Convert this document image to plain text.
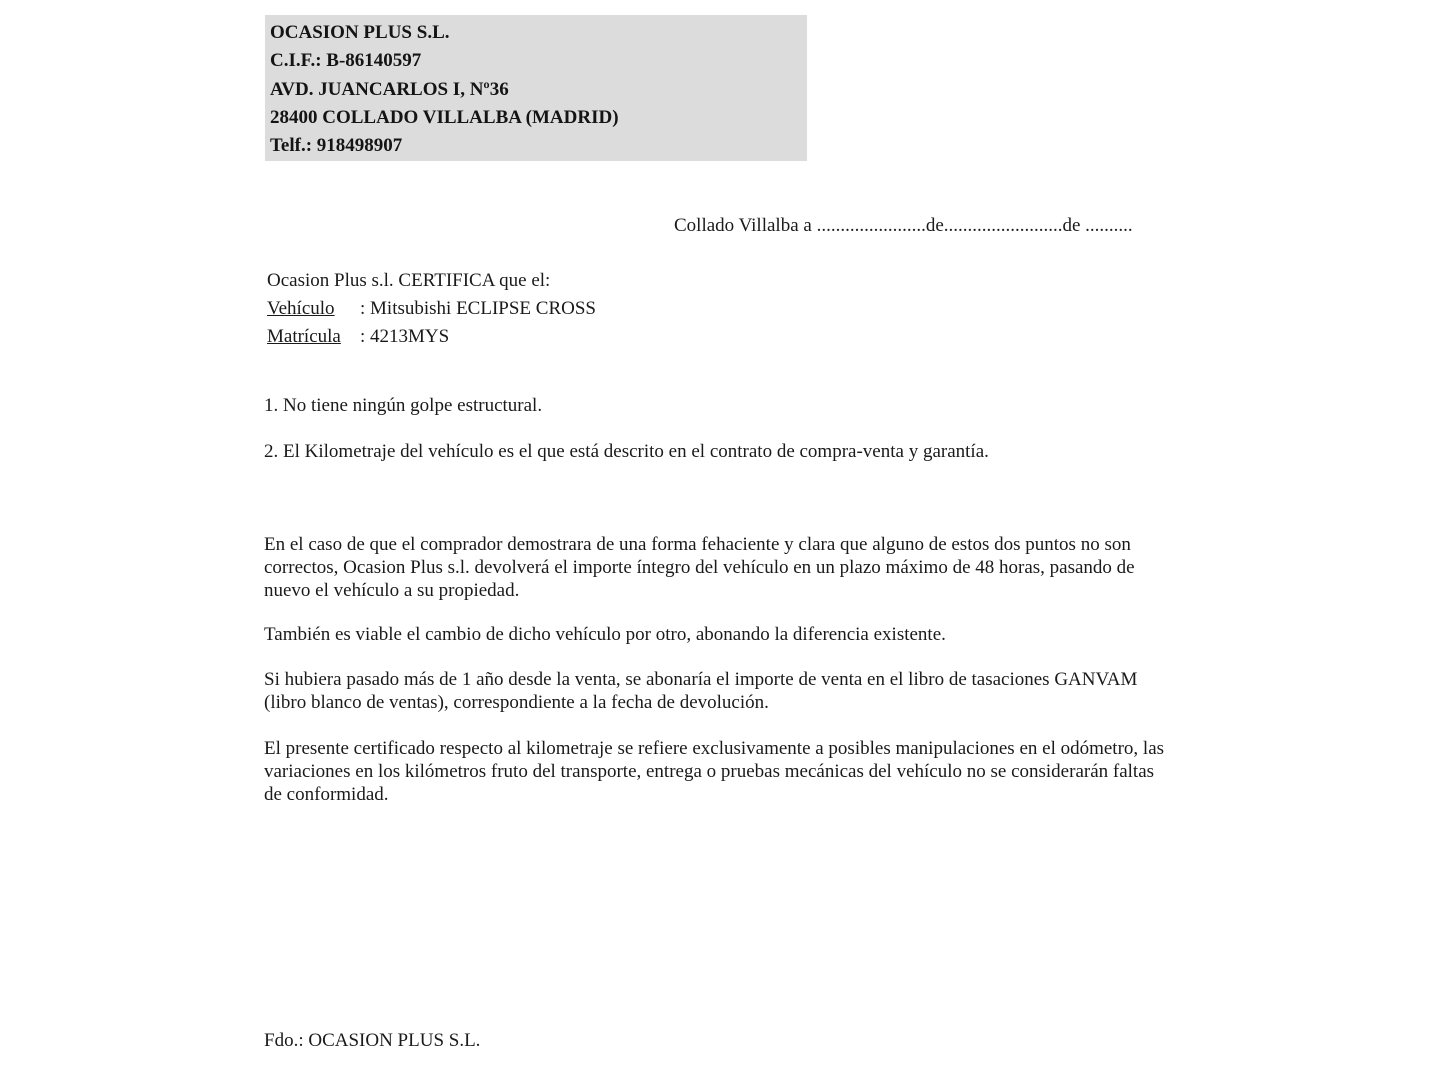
OCASION PLUS S.L.
C.I.F.: B-86140597
AVD. JUANCARLOS I, Nº36
28400 COLLADO VILLALBA (MADRID)
Telf.: 918498907
Collado Villalba a .......................de.........................de ..........
Ocasion Plus s.l. CERTIFICA que el:
Vehículo : Mitsubishi ECLIPSE CROSS
Matrícula : 4213MYS
1. No tiene ningún golpe estructural.
2. El Kilometraje del vehículo es el que está descrito en el contrato de compra-venta y garantía.
En el caso de que el comprador demostrara de una forma fehaciente y clara que alguno de estos dos puntos no son correctos, Ocasion Plus s.l. devolverá el importe íntegro del vehículo en un plazo máximo de 48 horas, pasando de nuevo el vehículo a su propiedad.
También es viable el cambio de dicho vehículo por otro, abonando la diferencia existente.
Si hubiera pasado más de 1 año desde la venta, se abonaría el importe de venta en el libro de tasaciones GANVAM (libro blanco de ventas), correspondiente a la fecha de devolución.
El presente certificado respecto al kilometraje se refiere exclusivamente a posibles manipulaciones en el odómetro, las variaciones en los kilómetros fruto del transporte, entrega o pruebas mecánicas del vehículo no se considerarán faltas de conformidad.
Fdo.: OCASION PLUS S.L.
